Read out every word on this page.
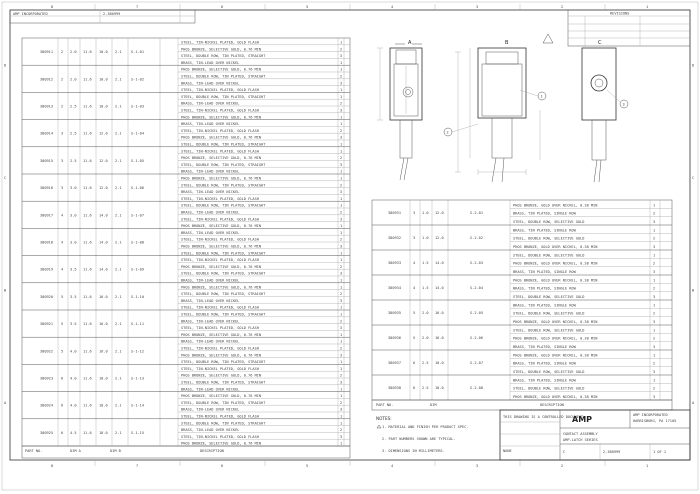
8
8
7
7
6
6
5
5
4
4
3
3
2
2
1
1
D	D
C	C
B	B
A	A
AMP INCORPORATED	2-380999	REVISIONS
380911 2 2.0 11.6 10.0 2.1	S-1-01
STEEL, TIN-NICKEL PLATED, GOLD FLASH	1
PHOS BRONZE, SELECTIVE GOLD, 0.76 MIN	2
STEEL, DOUBLE ROW, TIN PLATED, STRAIGHT	3
BRASS, TIN-LEAD OVER NICKEL	1
380912 2 2.0 11.6 10.0 2.1	S-1-02
PHOS BRONZE, SELECTIVE GOLD, 0.76 MIN	1
STEEL, DOUBLE ROW, TIN PLATED, STRAIGHT	2
BRASS, TIN-LEAD OVER NICKEL	3
STEEL, TIN-NICKEL PLATED, GOLD FLASH	1
380913 2 2.5 11.6 10.0 2.1	S-1-03
STEEL, DOUBLE ROW, TIN PLATED, STRAIGHT	1
BRASS, TIN-LEAD OVER NICKEL	2
STEEL, TIN-NICKEL PLATED, GOLD FLASH	3
PHOS BRONZE, SELECTIVE GOLD, 0.76 MIN	1
380914 3 2.5 11.6 12.0 2.1	S-1-04
BRASS, TIN-LEAD OVER NICKEL	1
STEEL, TIN-NICKEL PLATED, GOLD FLASH	2
PHOS BRONZE, SELECTIVE GOLD, 0.76 MIN	3
STEEL, DOUBLE ROW, TIN PLATED, STRAIGHT	1
380915 3 2.5 11.6 12.0 2.1	S-1-05
STEEL, TIN-NICKEL PLATED, GOLD FLASH	1
PHOS BRONZE, SELECTIVE GOLD, 0.76 MIN	2
STEEL, DOUBLE ROW, TIN PLATED, STRAIGHT	3
BRASS, TIN-LEAD OVER NICKEL	1
380916 3 3.0 11.6 12.0 2.1	S-1-06
PHOS BRONZE, SELECTIVE GOLD, 0.76 MIN	1
STEEL, DOUBLE ROW, TIN PLATED, STRAIGHT	2
BRASS, TIN-LEAD OVER NICKEL	3
STEEL, TIN-NICKEL PLATED, GOLD FLASH	1
380917 4 3.0 11.6 14.0 2.1	S-1-07
STEEL, DOUBLE ROW, TIN PLATED, STRAIGHT	1
BRASS, TIN-LEAD OVER NICKEL	2
STEEL, TIN-NICKEL PLATED, GOLD FLASH	3
PHOS BRONZE, SELECTIVE GOLD, 0.76 MIN	1
380918 4 3.0 11.6 14.0 2.1	S-1-08
BRASS, TIN-LEAD OVER NICKEL	1
STEEL, TIN-NICKEL PLATED, GOLD FLASH	2
PHOS BRONZE, SELECTIVE GOLD, 0.76 MIN	3
STEEL, DOUBLE ROW, TIN PLATED, STRAIGHT	1
380919 4 3.5 11.6 14.0 2.1	S-1-09
STEEL, TIN-NICKEL PLATED, GOLD FLASH	1
PHOS BRONZE, SELECTIVE GOLD, 0.76 MIN	2
STEEL, DOUBLE ROW, TIN PLATED, STRAIGHT	3
BRASS, TIN-LEAD OVER NICKEL	1
380920 5 3.5 11.6 16.0 2.1	S-1-10
PHOS BRONZE, SELECTIVE GOLD, 0.76 MIN	1
STEEL, DOUBLE ROW, TIN PLATED, STRAIGHT	2
BRASS, TIN-LEAD OVER NICKEL	3
STEEL, TIN-NICKEL PLATED, GOLD FLASH	1
380921 5 3.5 11.6 16.0 2.1	S-1-11
STEEL, DOUBLE ROW, TIN PLATED, STRAIGHT	1
BRASS, TIN-LEAD OVER NICKEL	2
STEEL, TIN-NICKEL PLATED, GOLD FLASH	3
PHOS BRONZE, SELECTIVE GOLD, 0.76 MIN	1
380922 5 4.0 11.6 16.0 2.1	S-1-12
BRASS, TIN-LEAD OVER NICKEL	1
STEEL, TIN-NICKEL PLATED, GOLD FLASH	2
PHOS BRONZE, SELECTIVE GOLD, 0.76 MIN	3
STEEL, DOUBLE ROW, TIN PLATED, STRAIGHT	1
380923 6 4.0 11.6 18.0 2.1	S-1-13
STEEL, TIN-NICKEL PLATED, GOLD FLASH	1
PHOS BRONZE, SELECTIVE GOLD, 0.76 MIN	2
STEEL, DOUBLE ROW, TIN PLATED, STRAIGHT	3
BRASS, TIN-LEAD OVER NICKEL	1
380924 6 4.0 11.6 18.0 2.1	S-1-14
PHOS BRONZE, SELECTIVE GOLD, 0.76 MIN	1
STEEL, DOUBLE ROW, TIN PLATED, STRAIGHT	2
BRASS, TIN-LEAD OVER NICKEL	3
STEEL, TIN-NICKEL PLATED, GOLD FLASH	1
380925 6 4.5 11.6 18.0 2.1	S-1-15
STEEL, DOUBLE ROW, TIN PLATED, STRAIGHT	1
BRASS, TIN-LEAD OVER NICKEL	2
STEEL, TIN-NICKEL PLATED, GOLD FLASH	3
PHOS BRONZE, SELECTIVE GOLD, 0.76 MIN	1
PART NO.	DIM A	DIM B	DESCRIPTION
A	B	C
1
2
3
380931	3 1.0 12.0	S-2-01
PHOS BRONZE, GOLD OVER NICKEL, 0.38 MIN	1
BRASS, TIN PLATED, SINGLE ROW	2
STEEL, DOUBLE ROW, SELECTIVE GOLD	3
380932	3 1.0 12.0	S-2-02
BRASS, TIN PLATED, SINGLE ROW	1
STEEL, DOUBLE ROW, SELECTIVE GOLD	2
PHOS BRONZE, GOLD OVER NICKEL, 0.38 MIN	3
380933	4 1.5 14.0	S-2-03
STEEL, DOUBLE ROW, SELECTIVE GOLD	1
PHOS BRONZE, GOLD OVER NICKEL, 0.38 MIN	2
BRASS, TIN PLATED, SINGLE ROW	3
380934	4 1.5 14.0	S-2-04
PHOS BRONZE, GOLD OVER NICKEL, 0.38 MIN	1
BRASS, TIN PLATED, SINGLE ROW	2
STEEL, DOUBLE ROW, SELECTIVE GOLD	3
380935	5 2.0 16.0	S-2-05
BRASS, TIN PLATED, SINGLE ROW	1
STEEL, DOUBLE ROW, SELECTIVE GOLD	2
PHOS BRONZE, GOLD OVER NICKEL, 0.38 MIN	3
380936	5 2.0 16.0	S-2-06
STEEL, DOUBLE ROW, SELECTIVE GOLD	1
PHOS BRONZE, GOLD OVER NICKEL, 0.38 MIN	2
BRASS, TIN PLATED, SINGLE ROW	3
380937	6 2.5 18.0	S-2-07
PHOS BRONZE, GOLD OVER NICKEL, 0.38 MIN	1
BRASS, TIN PLATED, SINGLE ROW	2
STEEL, DOUBLE ROW, SELECTIVE GOLD	3
380938	6 2.5 18.0	S-2-08
BRASS, TIN PLATED, SINGLE ROW	1
STEEL, DOUBLE ROW, SELECTIVE GOLD	2
PHOS BRONZE, GOLD OVER NICKEL, 0.38 MIN	3
PART NO.	DIM	DESCRIPTION
NOTES:
1. MATERIAL AND FINISH PER PRODUCT SPEC.
2. PART NUMBERS SHOWN ARE TYPICAL.
3. DIMENSIONS IN MILLIMETERS.
THIS DRAWING IS A CONTROLLED DOCUMENT
AMP	AMP INCORPORATED
HARRISBURG, PA 17105
CONTACT ASSEMBLY
AMP-LATCH SERIES
C	2-380999	1 OF 1
NONE
